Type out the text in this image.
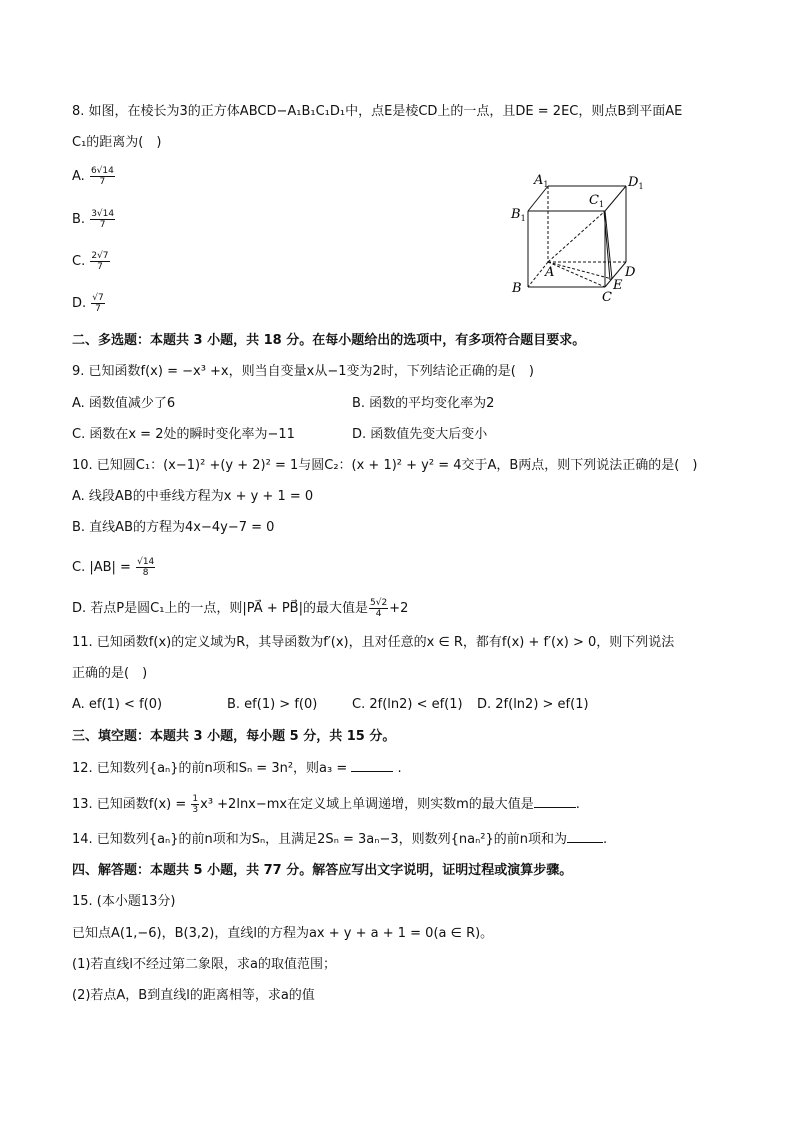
8. 如图，在棱长为3的正方体ABCD−A₁B₁C₁D₁中，点E是棱CD上的一点，且DE = 2EC，则点B到平面AE
C₁的距离为(　)
A. $\frac{6√14}{7}$
B. $\frac{3√14}{7}$
C. $\frac{2√7}{7}$
D. $\frac{√7}{7}$
$A_1$	$D_1$
$C_1$
$B_1$
A
B
C
D
E
二、多选题：本题共 3 小题，共 18 分。在每小题给出的选项中，有多项符合题目要求。
9. 已知函数f(x) = −x³ +x，则当自变量x从−1变为2时，下列结论正确的是(　)
A. 函数值减少了6	B. 函数的平均变化率为2
C. 函数在x = 2处的瞬时变化率为−11	D. 函数值先变大后变小
10. 已知圆C₁：(x−1)² +(y + 2)² = 1与圆C₂：(x + 1)² + y² = 4交于A，B两点，则下列说法正确的是(　)
A. 线段AB的中垂线方程为x + y + 1 = 0
B. 直线AB的方程为4x−4y−7 = 0
C. $|AB| = \frac{√14}{8}$
D. 若点P是圆C₁上的一点，则|PA⃗ + PB⃗|的最大值是 $\frac{5√2}{4} +2$
11. 已知函数f(x)的定义域为R，其导函数为f′(x)，且对任意的x ∈ R，都有f(x) + f′(x) > 0，则下列说法
正确的是(　)
A. ef(1) < f(0)	B. ef(1) > f(0)	C. 2f(ln2) < ef(1) D. 2f(ln2) > ef(1)
三、填空题：本题共 3 小题，每小题 5 分，共 15 分。
12. 已知数列{aₙ}的前n项和Sₙ = 3n²，则a₃ =	.
13. 已知函数$f(x) = \frac{1}{3} x^3 +2\ln x-mx$在定义域上单调递增，则实数m的最大值是	.
14. 已知数列{aₙ}的前n项和为Sₙ，且满足2Sₙ = 3aₙ−3，则数列{naₙ²}的前n项和为	.
四、解答题：本题共 5 小题，共 77 分。解答应写出文字说明，证明过程或演算步骤。
15. (本小题13分)
已知点A(1,−6)，B(3,2)，直线l的方程为ax + y + a + 1 = 0(a ∈ R)。
(1)若直线l不经过第二象限，求a的取值范围；
(2)若点A，B到直线l的距离相等，求a的值
